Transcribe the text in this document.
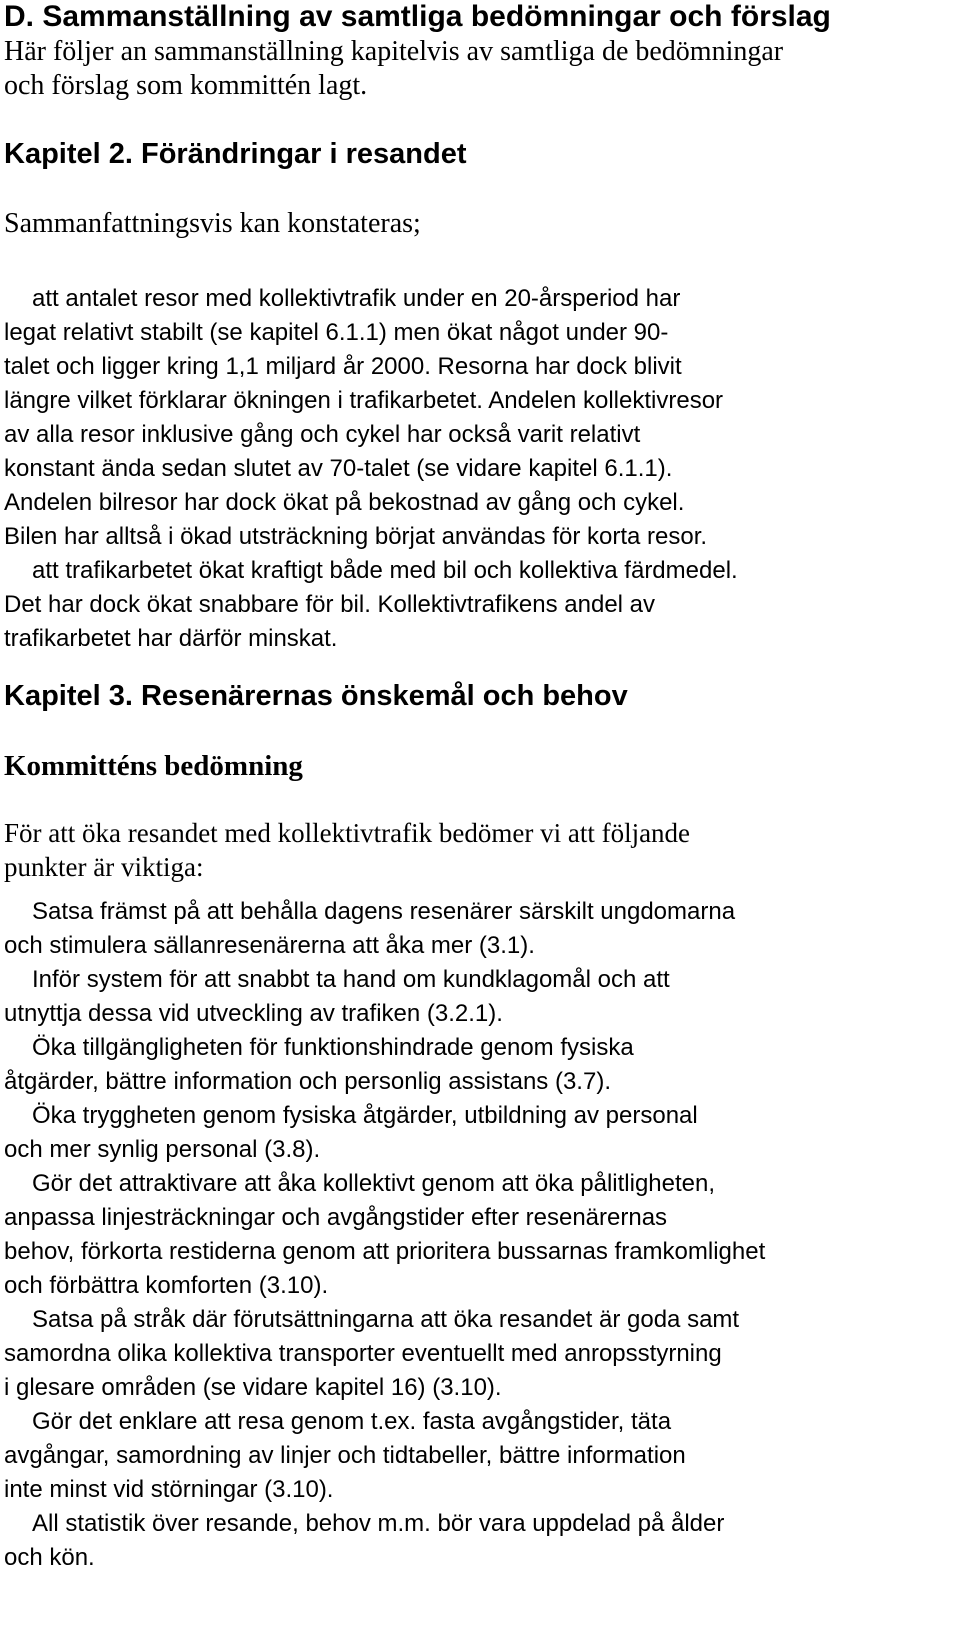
D. Sammanställning av samtliga bedömningar och förslag
Här följer an sammanställning kapitelvis av samtliga de bedömningar
och förslag som kommittén lagt.
Kapitel 2. Förändringar i resandet
Sammanfattningsvis kan konstateras;
att antalet resor med kollektivtrafik under en 20-årsperiod har
legat relativt stabilt (se kapitel 6.1.1) men ökat något under 90-
talet och ligger kring 1,1 miljard år 2000. Resorna har dock blivit
längre vilket förklarar ökningen i trafikarbetet. Andelen kollektivresor
av alla resor inklusive gång och cykel har också varit relativt
konstant ända sedan slutet av 70-talet (se vidare kapitel 6.1.1).
Andelen bilresor har dock ökat på bekostnad av gång och cykel.
Bilen har alltså i ökad utsträckning börjat användas för korta resor.
att trafikarbetet ökat kraftigt både med bil och kollektiva färdmedel.
Det har dock ökat snabbare för bil. Kollektivtrafikens andel av
trafikarbetet har därför minskat.
Kapitel 3. Resenärernas önskemål och behov
Kommitténs bedömning
För att öka resandet med kollektivtrafik bedömer vi att följande
punkter är viktiga:
Satsa främst på att behålla dagens resenärer särskilt ungdomarna
och stimulera sällanresenärerna att åka mer (3.1).
Inför system för att snabbt ta hand om kundklagomål och att
utnyttja dessa vid utveckling av trafiken (3.2.1).
Öka tillgängligheten för funktionshindrade genom fysiska
åtgärder, bättre information och personlig assistans (3.7).
Öka tryggheten genom fysiska åtgärder, utbildning av personal
och mer synlig personal (3.8).
Gör det attraktivare att åka kollektivt genom att öka pålitligheten,
anpassa linjesträckningar och avgångstider efter resenärernas
behov, förkorta restiderna genom att prioritera bussarnas framkomlighet
och förbättra komforten (3.10).
Satsa på stråk där förutsättningarna att öka resandet är goda samt
samordna olika kollektiva transporter eventuellt med anropsstyrning
i glesare områden (se vidare kapitel 16) (3.10).
Gör det enklare att resa genom t.ex. fasta avgångstider, täta
avgångar, samordning av linjer och tidtabeller, bättre information
inte minst vid störningar (3.10).
All statistik över resande, behov m.m. bör vara uppdelad på ålder
och kön.
